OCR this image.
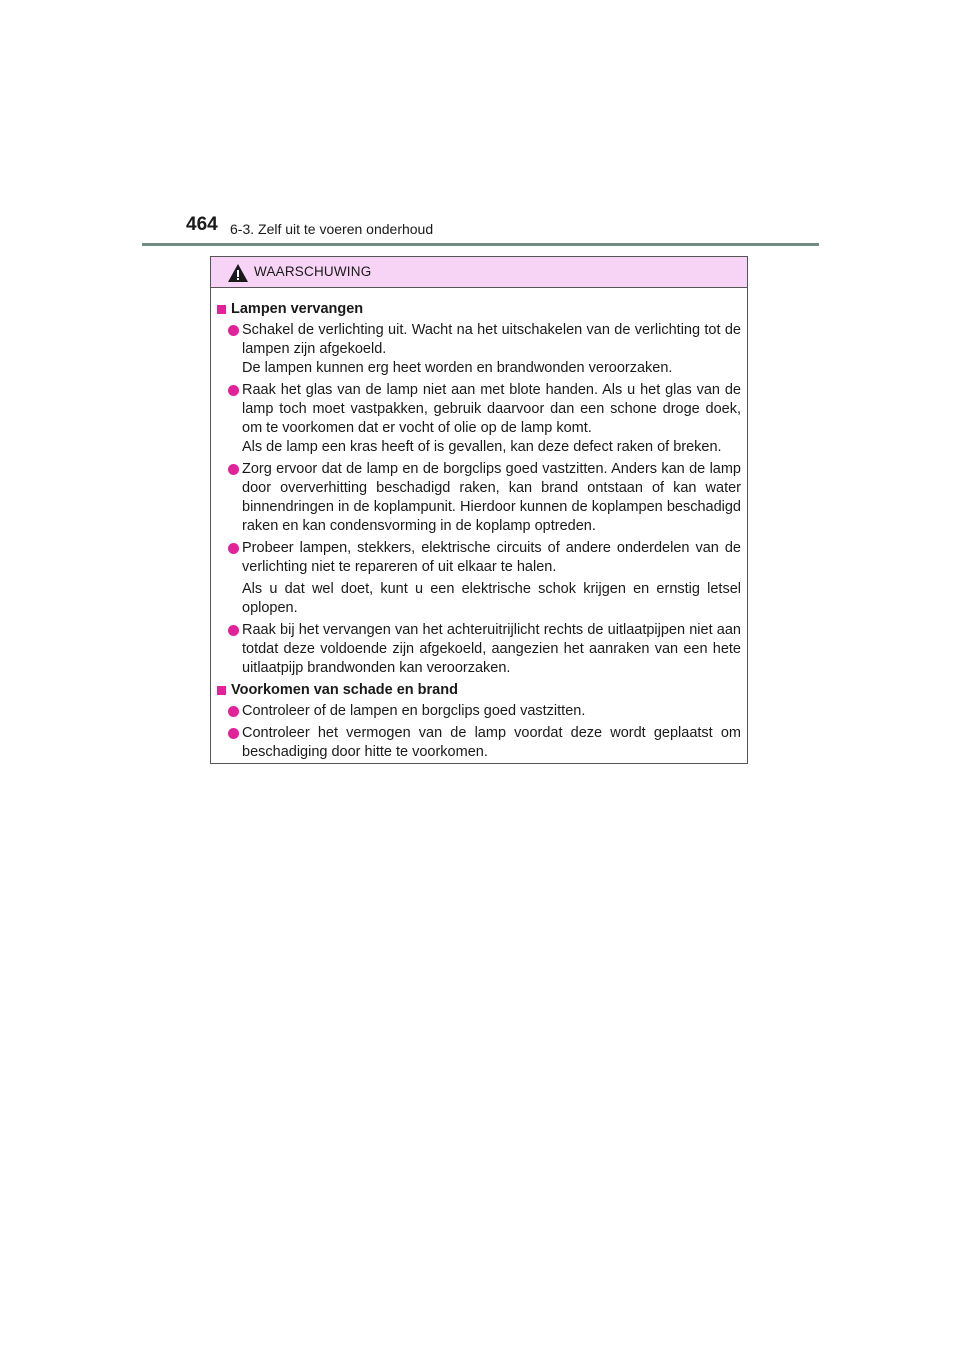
464 6-3. Zelf uit te voeren onderhoud
WAARSCHUWING
Lampen vervangen
Schakel de verlichting uit. Wacht na het uitschakelen van de verlichting tot de lampen zijn afgekoeld.
De lampen kunnen erg heet worden en brandwonden veroorzaken.
Raak het glas van de lamp niet aan met blote handen. Als u het glas van de lamp toch moet vastpakken, gebruik daarvoor dan een schone droge doek, om te voorkomen dat er vocht of olie op de lamp komt.
Als de lamp een kras heeft of is gevallen, kan deze defect raken of breken.
Zorg ervoor dat de lamp en de borgclips goed vastzitten. Anders kan de lamp door oververhitting beschadigd raken, kan brand ontstaan of kan water binnendringen in de koplampunit. Hierdoor kunnen de koplampen beschadigd raken en kan condensvorming in de koplamp optreden.
Probeer lampen, stekkers, elektrische circuits of andere onderdelen van de verlichting niet te repareren of uit elkaar te halen.
Als u dat wel doet, kunt u een elektrische schok krijgen en ernstig letsel oplopen.
Raak bij het vervangen van het achteruitrijlicht rechts de uitlaatpijpen niet aan totdat deze voldoende zijn afgekoeld, aangezien het aanraken van een hete uitlaatpijp brandwonden kan veroorzaken.
Voorkomen van schade en brand
Controleer of de lampen en borgclips goed vastzitten.
Controleer het vermogen van de lamp voordat deze wordt geplaatst om beschadiging door hitte te voorkomen.
